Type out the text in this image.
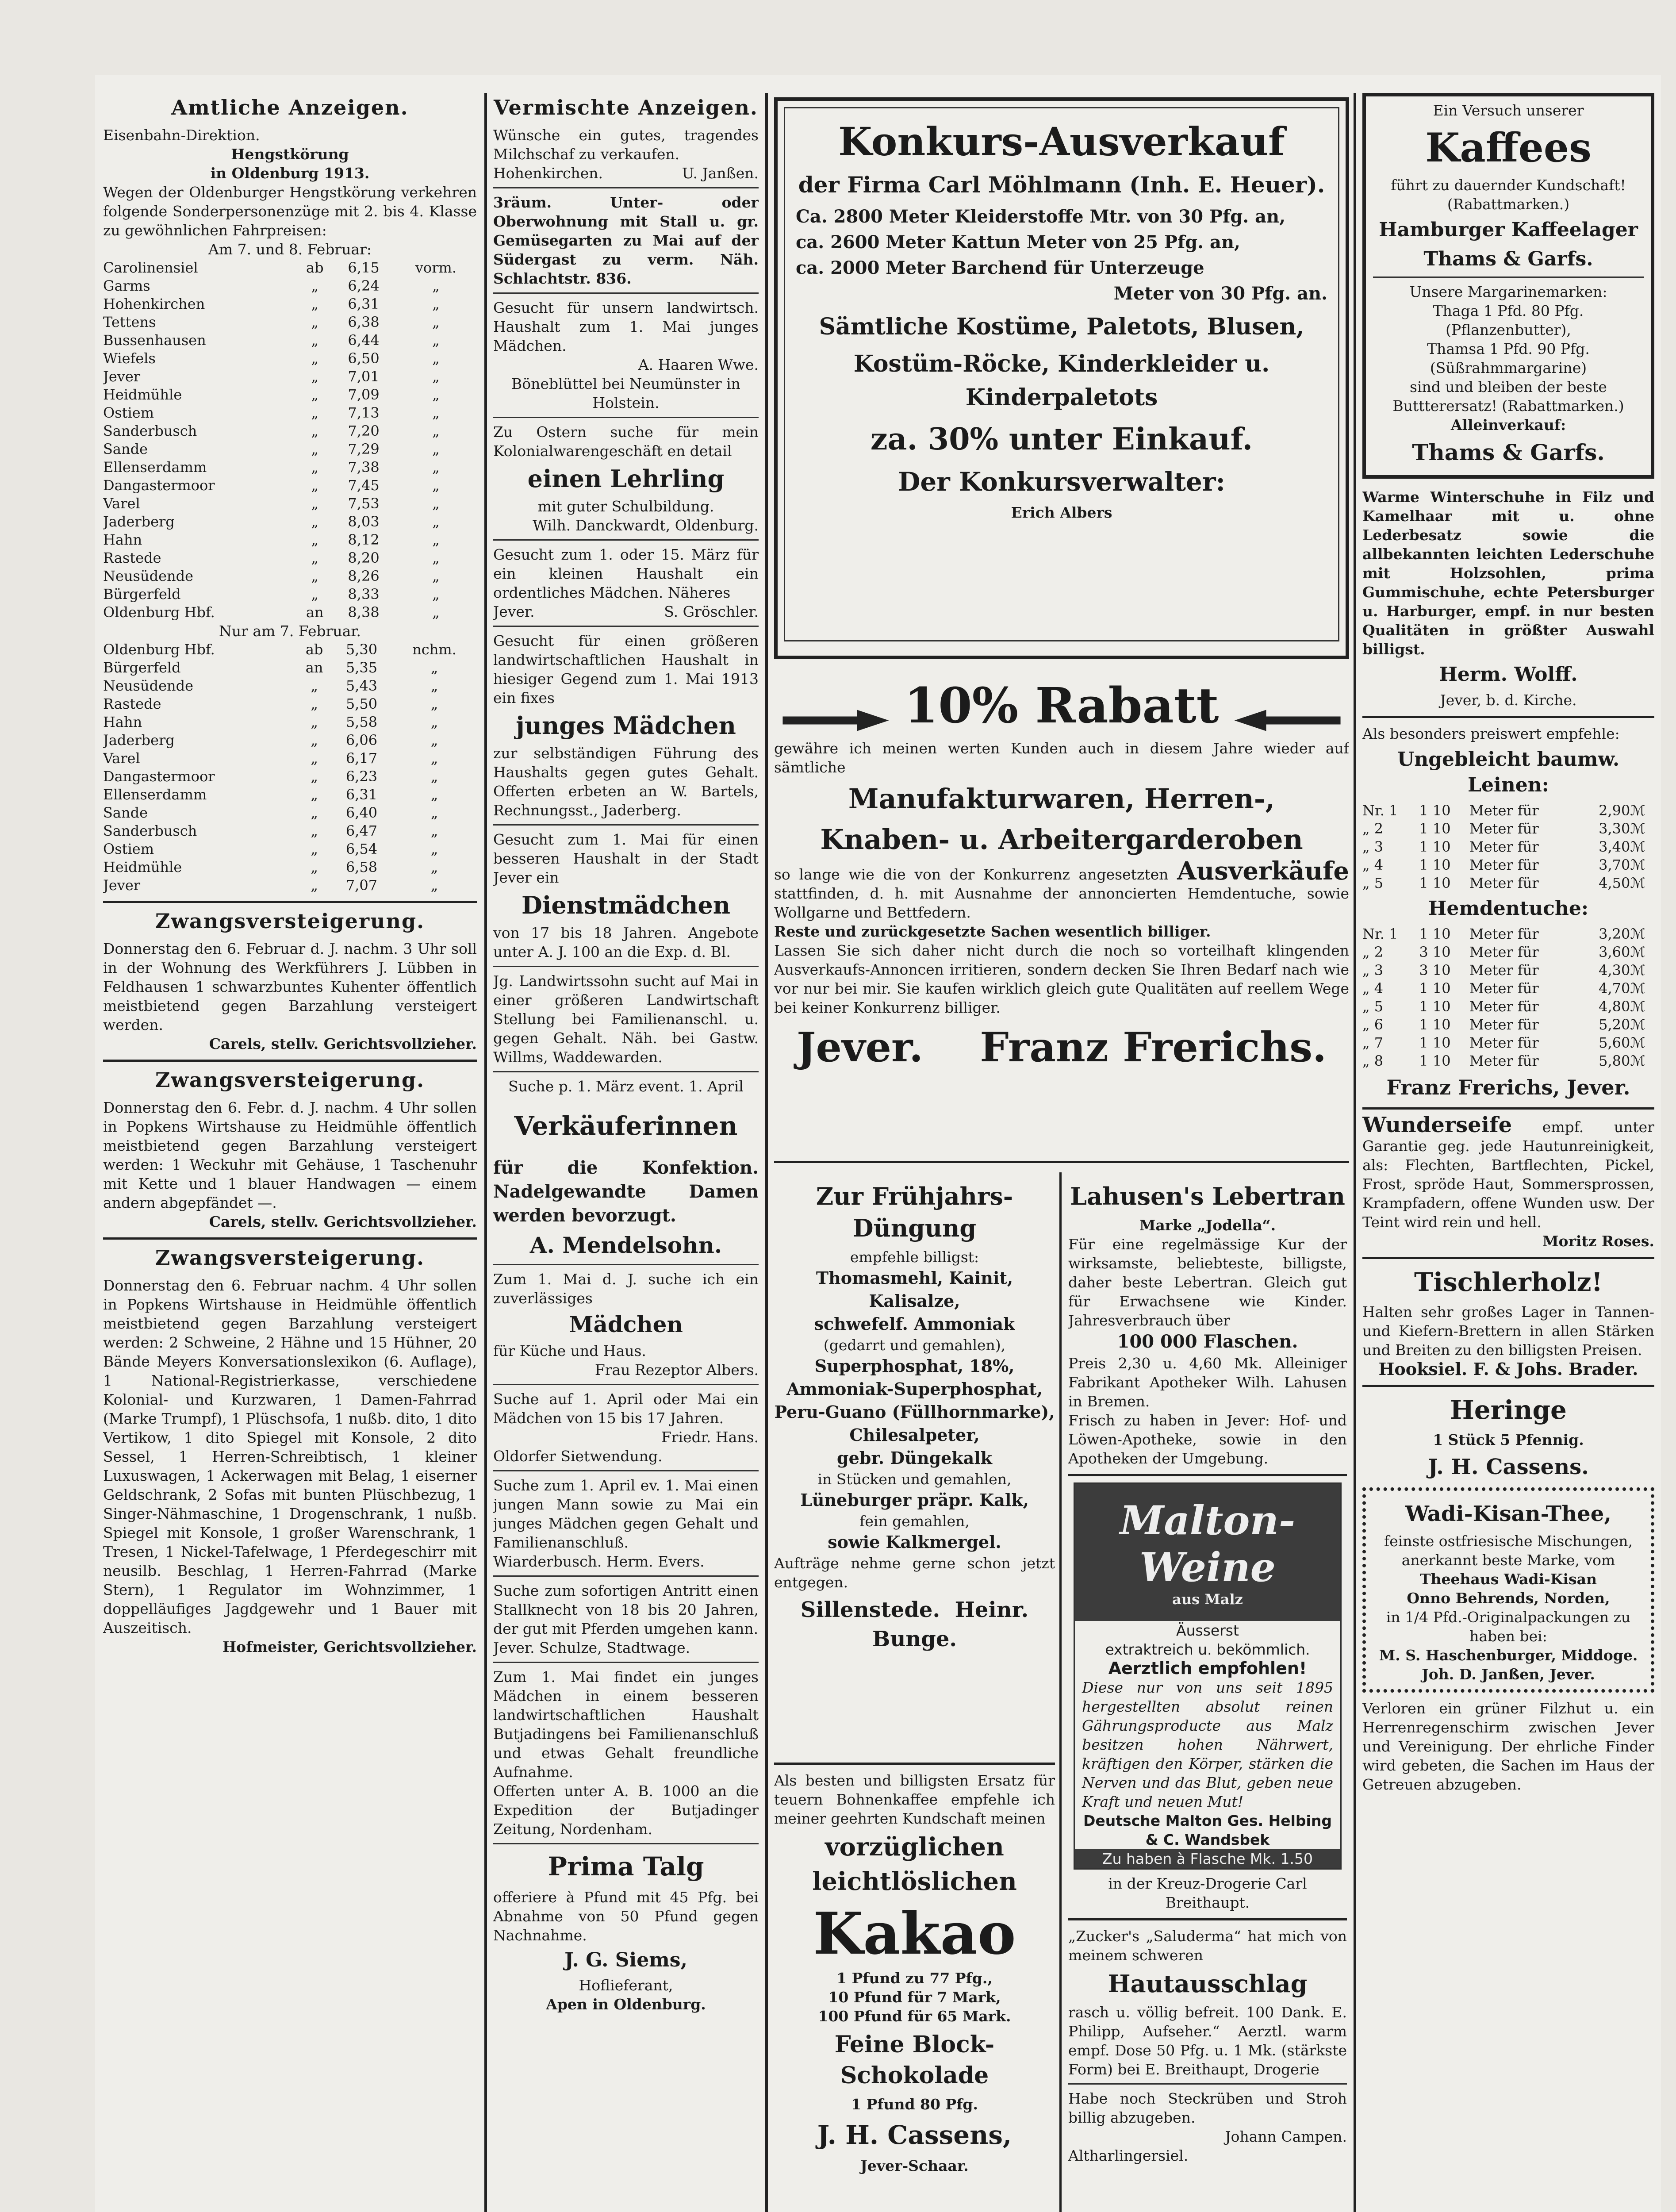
Amtliche Anzeigen.

Eisenbahn-Direktion.

Hengstkörung

in Oldenburg 1913.

Wegen der Oldenburger Hengstkörung verkehren folgende Sonderpersonenzüge mit 2. bis 4. Klasse zu gewöhnlichen Fahrpreisen:

Am 7. und 8. Februar:

Carolinensiel	ab	6,15	vorm.
Garms	„	6,24	„
Hohenkirchen	„	6,31	„
Tettens	„	6,38	„
Bussenhausen	„	6,44	„
Wiefels	„	6,50	„
Jever	„	7,01	„
Heidmühle	„	7,09	„
Ostiem	„	7,13	„
Sanderbusch	„	7,20	„
Sande	„	7,29	„
Ellenserdamm	„	7,38	„
Dangastermoor	„	7,45	„
Varel	„	7,53	„
Jaderberg	„	8,03	„
Hahn	„	8,12	„
Rastede	„	8,20	„
Neusüdende	„	8,26	„
Bürgerfeld	„	8,33	„
Oldenburg Hbf.	an	8,38	„

Nur am 7. Februar.

Oldenburg Hbf.	ab	5,30	nchm.
Bürgerfeld	an	5,35	„
Neusüdende	„	5,43	„
Rastede	„	5,50	„
Hahn	„	5,58	„
Jaderberg	„	6,06	„
Varel	„	6,17	„
Dangastermoor	„	6,23	„
Ellenserdamm	„	6,31	„
Sande	„	6,40	„
Sanderbusch	„	6,47	„
Ostiem	„	6,54	„
Heidmühle	„	6,58	„
Jever	„	7,07	„
Zwangsversteigerung.

Donnerstag den 6. Februar d. J. nachm. 3 Uhr soll in der Wohnung des Werkführers J. Lübben in Feldhausen 1 schwarzbuntes Kuhenter öffentlich meistbietend gegen Barzahlung versteigert werden.

Carels, stellv. Gerichtsvollzieher.

Zwangsversteigerung.

Donnerstag den 6. Febr. d. J. nachm. 4 Uhr sollen in Popkens Wirtshause zu Heidmühle öffentlich meistbietend gegen Barzahlung versteigert werden: 1 Weckuhr mit Gehäuse, 1 Taschenuhr mit Kette und 1 blauer Handwagen — einem andern abgepfändet —.

Carels, stellv. Gerichtsvollzieher.

Zwangsversteigerung.

Donnerstag den 6. Februar nachm. 4 Uhr sollen in Popkens Wirtshause in Heidmühle öffentlich meistbietend gegen Barzahlung versteigert werden: 2 Schweine, 2 Hähne und 15 Hühner, 20 Bände Meyers Konversationslexikon (6. Auflage), 1 National-Registrierkasse, verschiedene Kolonial- und Kurzwaren, 1 Damen-Fahrrad (Marke Trumpf), 1 Plüschsofa, 1 nußb. dito, 1 dito Vertikow, 1 dito Spiegel mit Konsole, 2 dito Sessel, 1 Herren-Schreibtisch, 1 kleiner Luxuswagen, 1 Ackerwagen mit Belag, 1 eiserner Geldschrank, 2 Sofas mit bunten Plüschbezug, 1 Singer-Nähmaschine, 1 Drogenschrank, 1 nußb. Spiegel mit Konsole, 1 großer Warenschrank, 1 Tresen, 1 Nickel-Tafelwage, 1 Pferdegeschirr mit neusilb. Beschlag, 1 Herren-Fahrrad (Marke Stern), 1 Regulator im Wohnzimmer, 1 doppelläufiges Jagdgewehr und 1 Bauer mit Auszeitisch.

Hofmeister, Gerichtsvollzieher.

Vermischte Anzeigen.

Wünsche ein gutes, tragendes Milchschaf zu verkaufen.

Hohenkirchen.	U. Janßen.

3räum. Unter- oder Oberwohnung mit Stall u. gr. Gemüsegarten zu Mai auf der Südergast zu verm. Näh. Schlachtstr. 836.

Gesucht für unsern landwirtsch. Haushalt zum 1. Mai junges Mädchen.

A. Haaren Wwe.

Böneblüttel bei Neumünster in Holstein.

Zu Ostern suche für mein Kolonialwarengeschäft en detail

einen Lehrling

mit guter Schulbildung.

Wilh. Danckwardt, Oldenburg.

Gesucht zum 1. oder 15. März für ein kleinen Haushalt ein ordentliches Mädchen. Näheres

Jever.	S. Gröschler.

Gesucht für einen größeren landwirtschaftlichen Haushalt in hiesiger Gegend zum 1. Mai 1913 ein fixes

junges Mädchen

zur selbständigen Führung des Haushalts gegen gutes Gehalt. Offerten erbeten an W. Bartels, Rechnungsst., Jaderberg.

Gesucht zum 1. Mai für einen besseren Haushalt in der Stadt Jever ein

Dienstmädchen

von 17 bis 18 Jahren. Angebote unter A. J. 100 an die Exp. d. Bl.

Jg. Landwirtssohn sucht auf Mai in einer größeren Landwirtschaft Stellung bei Familienanschl. u. gegen Gehalt. Näh. bei Gastw. Willms, Waddewarden.

Suche p. 1. März event. 1. April

Verkäuferinnen

für die Konfektion. Nadelgewandte Damen werden bevorzugt.

A. Mendelsohn.

Zum 1. Mai d. J. suche ich ein zuverlässiges

Mädchen

für Küche und Haus.

Frau Rezeptor Albers.

Suche auf 1. April oder Mai ein Mädchen von 15 bis 17 Jahren.

Friedr. Hans.

Oldorfer Sietwendung.

Suche zum 1. April ev. 1. Mai einen jungen Mann sowie zu Mai ein junges Mädchen gegen Gehalt und Familienanschluß.

Wiarderbusch. Herm. Evers.

Suche zum sofortigen Antritt einen Stallknecht von 18 bis 20 Jahren, der gut mit Pferden umgehen kann.

Jever. Schulze, Stadtwage.

Zum 1. Mai findet ein junges Mädchen in einem besseren landwirtschaftlichen Haushalt Butjadingens bei Familienanschluß und etwas Gehalt freundliche Aufnahme.

Offerten unter A. B. 1000 an die Expedition der Butjadinger Zeitung, Nordenham.

Prima Talg

offeriere à Pfund mit 45 Pfg. bei Abnahme von 50 Pfund gegen Nachnahme.

J. G. Siems,

Hoflieferant,

Apen in Oldenburg.

Konkurs-Ausverkauf
der Firma Carl Möhlmann (Inh. E. Heuer).

Ca. 2800 Meter Kleiderstoffe Mtr. von 30 Pfg. an,

ca. 2600 Meter Kattun Meter von 25 Pfg. an,

ca. 2000 Meter Barchend für Unterzeuge

Meter von 30 Pfg. an.

Sämtliche Kostüme, Paletots, Blusen,
Kostüm-Röcke, Kinderkleider u. Kinderpaletots
za. 30% unter Einkauf.
Der Konkursverwalter:

Erich Albers

10% Rabatt

gewähre ich meinen werten Kunden auch in diesem Jahre wieder auf sämtliche

Manufakturwaren, Herren-,
Knaben- u. Arbeitergarderoben

so lange wie die von der Konkurrenz angesetzten Ausverkäufe stattfinden, d. h. mit Ausnahme der annoncierten Hemdentuche, sowie Wollgarne und Bettfedern.

Reste und zurückgesetzte Sachen wesentlich billiger.

Lassen Sie sich daher nicht durch die noch so vorteilhaft klingenden Ausverkaufs-Annoncen irritieren, sondern decken Sie Ihren Bedarf nach wie vor nur bei mir. Sie kaufen wirklich gleich gute Qualitäten auf reellem Wege bei keiner Konkurrenz billiger.

Jever. Franz Frerichs.
Zur Frühjahrs-Düngung

empfehle billigst:

Thomasmehl, Kainit, Kalisalze,

schwefelf. Ammoniak

(gedarrt und gemahlen),

Superphosphat, 18%,

Ammoniak-Superphosphat,

Peru-Guano (Füllhornmarke),

Chilesalpeter,

gebr. Düngekalk

in Stücken und gemahlen,

Lüneburger präpr. Kalk,

fein gemahlen,

sowie Kalkmergel.

Aufträge nehme gerne schon jetzt entgegen.

Sillenstede. Heinr. Bunge.

Als besten und billigsten Ersatz für teuern Bohnenkaffee empfehle ich meiner geehrten Kundschaft meinen

vorzüglichen
leichtlöslichen
Kakao

1 Pfund zu 77 Pfg.,

10 Pfund für 7 Mark,

100 Pfund für 65 Mark.

Feine Block-Schokolade

1 Pfund 80 Pfg.

J. H. Cassens,

Jever-Schaar.

Lahusen's Lebertran

Marke „Jodella“.

Für eine regelmässige Kur der wirksamste, beliebteste, billigste, daher beste Lebertran. Gleich gut für Erwachsene wie Kinder. Jahresverbrauch über

100 000 Flaschen.

Preis 2,30 u. 4,60 Mk. Alleiniger Fabrikant Apotheker Wilh. Lahusen in Bremen.

Frisch zu haben in Jever: Hof- und Löwen-Apotheke, sowie in den Apotheken der Umgebung.

Malton-Weine
aus Malz

Äusserst

extraktreich u. bekömmlich.

Aerztlich empfohlen!

Diese nur von uns seit 1895 hergestellten absolut reinen Gährungsproducte aus Malz besitzen hohen Nährwert, kräftigen den Körper, stärken die Nerven und das Blut, geben neue Kraft und neuen Mut!

Deutsche Malton Ges. Helbing & C. Wandsbek

Zu haben à Flasche Mk. 1.50

in der Kreuz-Drogerie Carl Breithaupt.

„Zucker's „Saluderma“ hat mich von meinem schweren

Hautausschlag

rasch u. völlig befreit. 100 Dank. E. Philipp, Aufseher.“ Aerztl. warm empf. Dose 50 Pfg. u. 1 Mk. (stärkste Form) bei E. Breithaupt, Drogerie

Habe noch Steckrüben und Stroh billig abzugeben.

Johann Campen.

Altharlingersiel.

Ein Versuch unserer

Kaffees

führt zu dauernder Kundschaft! (Rabattmarken.)

Hamburger Kaffeelager
Thams & Garfs.

Unsere Margarinemarken:

Thaga 1 Pfd. 80 Pfg. (Pflanzenbutter),

Thamsa 1 Pfd. 90 Pfg. (Süßrahmmargarine)

sind und bleiben der beste Buttterersatz! (Rabattmarken.)

Alleinverkauf:

Thams & Garfs.

Warme Winterschuhe in Filz und Kamelhaar mit u. ohne Lederbesatz sowie die allbekannten leichten Lederschuhe mit Holzsohlen, prima Gummischuhe, echte Petersburger u. Harburger, empf. in nur besten Qualitäten in größter Auswahl billigst.

Herm. Wolff.

Jever, b. d. Kirche.

Als besonders preiswert empfehle:

Ungebleicht baumw. Leinen:
Nr. 1	1 10	Meter für	2,90	ℳ
„ 2	1 10	Meter für	3,30	ℳ
„ 3	1 10	Meter für	3,40	ℳ
„ 4	1 10	Meter für	3,70	ℳ
„ 5	1 10	Meter für	4,50	ℳ
Hemdentuche:
Nr. 1	1 10	Meter für	3,20	ℳ
„ 2	3 10	Meter für	3,60	ℳ
„ 3	3 10	Meter für	4,30	ℳ
„ 4	1 10	Meter für	4,70	ℳ
„ 5	1 10	Meter für	4,80	ℳ
„ 6	1 10	Meter für	5,20	ℳ
„ 7	1 10	Meter für	5,60	ℳ
„ 8	1 10	Meter für	5,80	ℳ
Franz Frerichs, Jever.

Wunderseife empf. unter Garantie geg. jede Hautunreinigkeit, als: Flechten, Bartflechten, Pickel, Frost, spröde Haut, Sommersprossen, Krampfadern, offene Wunden usw. Der Teint wird rein und hell.

Moritz Roses.

Tischlerholz!

Halten sehr großes Lager in Tannen- und Kiefern-Brettern in allen Stärken und Breiten zu den billigsten Preisen.

Hooksiel. F. & Johs. Brader.

Heringe

1 Stück 5 Pfennig.

J. H. Cassens.
Wadi-Kisan-Thee,

feinste ostfriesische Mischungen, anerkannt beste Marke, vom

Theehaus Wadi-Kisan

Onno Behrends, Norden,

in 1/4 Pfd.-Originalpackungen zu haben bei:

M. S. Haschenburger, Middoge.

Joh. D. Janßen, Jever.

Verloren ein grüner Filzhut u. ein Herrenregenschirm zwischen Jever und Vereinigung. Der ehrliche Finder wird gebeten, die Sachen im Haus der Getreuen abzugeben.
